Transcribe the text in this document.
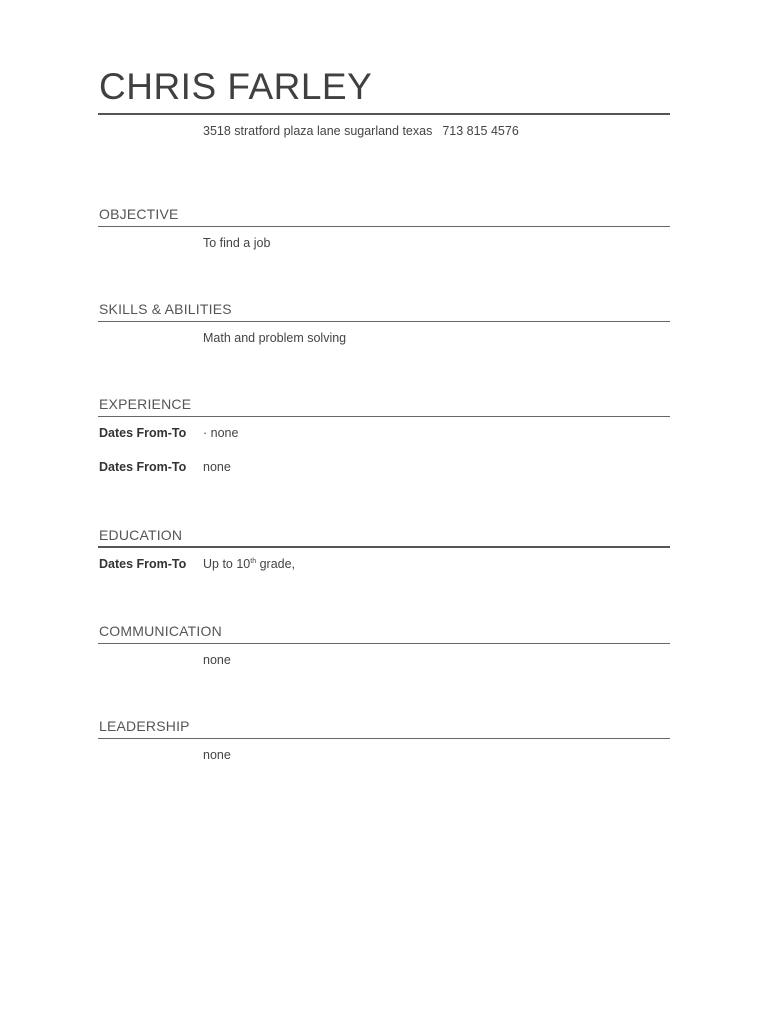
CHRIS FARLEY
3518 stratford plaza lane sugarland texas 713 815 4576
OBJECTIVE
To find a job
SKILLS & ABILITIES
Math and problem solving
EXPERIENCE
Dates From-To · none
Dates From-To none
EDUCATION
Dates From-To Up to 10th grade,
COMMUNICATION
none
LEADERSHIP
none
